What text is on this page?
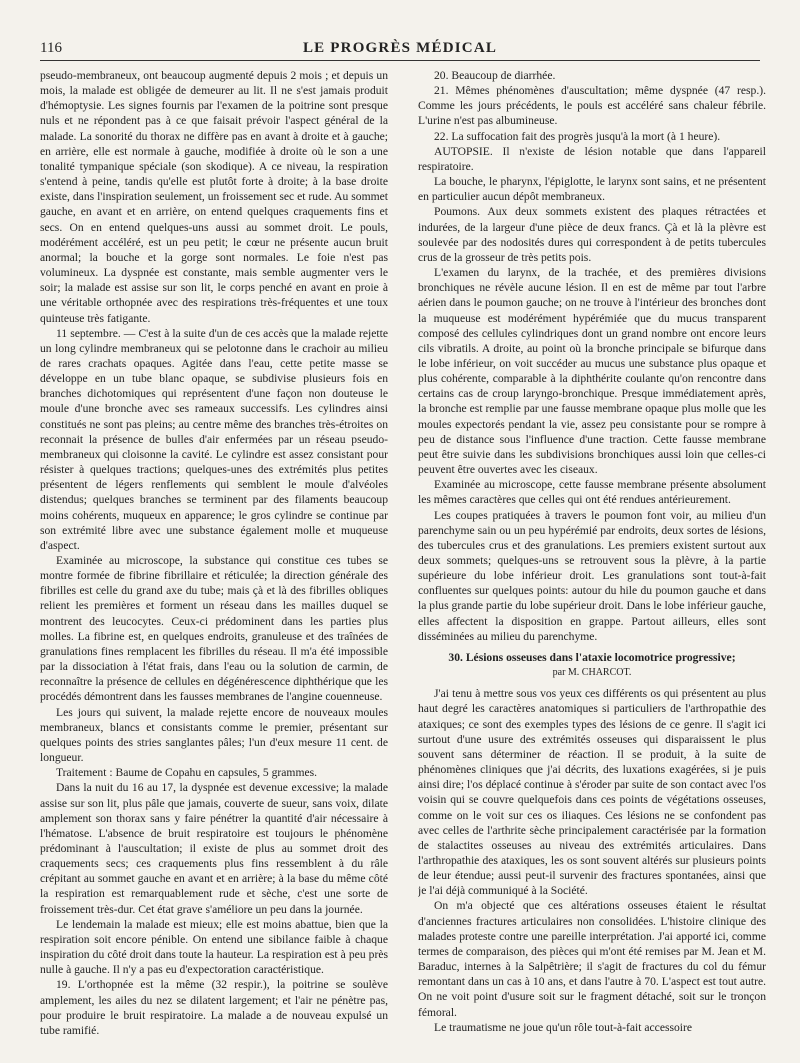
116	LE PROGRÈS MÉDICAL

pseudo-membraneux, ont beaucoup augmenté depuis 2 mois ; et depuis un mois, la malade est obligée de demeurer au lit. Il ne s'est jamais produit d'hémoptysie. Les signes fournis par l'examen de la poitrine sont presque nuls et ne répondent pas à ce que faisait prévoir l'aspect général de la malade. La sonorité du thorax ne diffère pas en avant à droite et à gauche; en arrière, elle est normale à gauche, modifiée à droite où le son a une tonalité tympanique spéciale (son skodique). A ce niveau, la respiration s'entend à peine, tandis qu'elle est plutôt forte à droite; à la base droite existe, dans l'inspiration seulement, un froissement sec et rude. Au sommet gauche, en avant et en arrière, on entend quelques craquements fins et secs. On en entend quelques-uns aussi au sommet droit. Le pouls, modérément accéléré, est un peu petit; le cœur ne présente aucun bruit anormal; la bouche et la gorge sont normales. Le foie n'est pas volumineux. La dyspnée est constante, mais semble augmenter vers le soir; la malade est assise sur son lit, le corps penché en avant en proie à une véritable orthopnée avec des respirations très-fréquentes et une toux quinteuse très fatigante.

11 septembre. — C'est à la suite d'un de ces accès que la malade rejette un long cylindre membraneux qui se pelotonne dans le crachoir au milieu de rares crachats opaques. Agitée dans l'eau, cette petite masse se développe en un tube blanc opaque, se subdivise plusieurs fois en branches dichotomiques qui représentent d'une façon non douteuse le moule d'une bronche avec ses rameaux successifs. Les cylindres ainsi constitués ne sont pas pleins; au centre même des branches très-étroites on reconnait la présence de bulles d'air enfermées par un réseau pseudo-membraneux qui cloisonne la cavité. Le cylindre est assez consistant pour résister à quelques tractions; quelques-unes des extrémités plus petites présentent de légers renflements qui semblent le moule d'alvéoles distendus; quelques branches se terminent par des filaments beaucoup moins cohérents, muqueux en apparence; le gros cylindre se continue par son extrémité libre avec une substance également molle et muqueuse d'aspect.

Examinée au microscope, la substance qui constitue ces tubes se montre formée de fibrine fibrillaire et réticulée; la direction générale des fibrilles est celle du grand axe du tube; mais çà et là des fibrilles obliques relient les premières et forment un réseau dans les mailles duquel se montrent des leucocytes. Ceux-ci prédominent dans les parties plus molles. La fibrine est, en quelques endroits, granuleuse et des traînées de granulations fines remplacent les fibrilles du réseau. Il m'a été impossible par la dissociation à l'état frais, dans l'eau ou la solution de carmin, de reconnaître la présence de cellules en dégénérescence diphthérique que les procédés démontrent dans les fausses membranes de l'angine couenneuse.

Les jours qui suivent, la malade rejette encore de nouveaux moules membraneux, blancs et consistants comme le premier, présentant sur quelques points des stries sanglantes pâles; l'un d'eux mesure 11 cent. de longueur.

Traitement : Baume de Copahu en capsules, 5 grammes.

Dans la nuit du 16 au 17, la dyspnée est devenue excessive; la malade assise sur son lit, plus pâle que jamais, couverte de sueur, sans voix, dilate amplement son thorax sans y faire pénétrer la quantité d'air nécessaire à l'hématose. L'absence de bruit respiratoire est toujours le phénomène prédominant à l'auscultation; il existe de plus au sommet droit des craquements secs; ces craquements plus fins ressemblent à du râle crépitant au sommet gauche en avant et en arrière; à la base du même côté la respiration est remarquablement rude et sèche, c'est une sorte de froissement très-dur. Cet état grave s'améliore un peu dans la journée.

Le lendemain la malade est mieux; elle est moins abattue, bien que la respiration soit encore pénible. On entend une sibilance faible à chaque inspiration du côté droit dans toute la hauteur. La respiration est à peu près nulle à gauche. Il n'y a pas eu d'expectoration caractéristique.

19. L'orthopnée est la même (32 respir.), la poitrine se soulève amplement, les ailes du nez se dilatent largement; et l'air ne pénètre pas, pour produire le bruit respiratoire. La malade a de nouveau expulsé un tube ramifié.

20. Beaucoup de diarrhée.

21. Mêmes phénomènes d'auscultation; même dyspnée (47 resp.). Comme les jours précédents, le pouls est accéléré sans chaleur fébrile. L'urine n'est pas albumineuse.

22. La suffocation fait des progrès jusqu'à la mort (à 1 heure).

AUTOPSIE. Il n'existe de lésion notable que dans l'appareil respiratoire.

La bouche, le pharynx, l'épiglotte, le larynx sont sains, et ne présentent en particulier aucun dépôt membraneux.

Poumons. Aux deux sommets existent des plaques rétractées et indurées, de la largeur d'une pièce de deux francs. Çà et là la plèvre est soulevée par des nodosités dures qui correspondent à de petits tubercules crus de la grosseur de très petits pois.

L'examen du larynx, de la trachée, et des premières divisions bronchiques ne révèle aucune lésion. Il en est de même par tout l'arbre aérien dans le poumon gauche; on ne trouve à l'intérieur des bronches dont la muqueuse est modérément hypérémiée que du mucus transparent composé des cellules cylindriques dont un grand nombre ont encore leurs cils vibratils. A droite, au point où la bronche principale se bifurque dans le lobe inférieur, on voit succéder au mucus une substance plus opaque et plus cohérente, comparable à la diphthérite coulante qu'on rencontre dans certains cas de croup laryngo-bronchique. Presque immédiatement après, la bronche est remplie par une fausse membrane opaque plus molle que les moules expectorés pendant la vie, assez peu consistante pour se rompre à peu de distance sous l'influence d'une traction. Cette fausse membrane peut être suivie dans les subdivisions bronchiques aussi loin que celles-ci peuvent être ouvertes avec les ciseaux.

Examinée au microscope, cette fausse membrane présente absolument les mêmes caractères que celles qui ont été rendues antérieurement.

Les coupes pratiquées à travers le poumon font voir, au milieu d'un parenchyme sain ou un peu hypérémié par endroits, deux sortes de lésions, des tubercules crus et des granulations. Les premiers existent surtout aux deux sommets; quelques-uns se retrouvent sous la plèvre, à la partie supérieure du lobe inférieur droit. Les granulations sont tout-à-fait confluentes sur quelques points: autour du hile du poumon gauche et dans la plus grande partie du lobe supérieur droit. Dans le lobe inférieur gauche, elles affectent la disposition en grappe. Partout ailleurs, elles sont disséminées au milieu du parenchyme.

30. Lésions osseuses dans l'ataxie locomotrice progressive;

par M. CHARCOT.

J'ai tenu à mettre sous vos yeux ces différents os qui présentent au plus haut degré les caractères anatomiques si particuliers de l'arthropathie des ataxiques; ce sont des exemples types des lésions de ce genre. Il s'agit ici surtout d'une usure des extrémités osseuses qui disparaissent le plus souvent sans déterminer de réaction. Il se produit, à la suite de phénomènes cliniques que j'ai décrits, des luxations exagérées, si je puis ainsi dire; l'os déplacé continue à s'éroder par suite de son contact avec l'os voisin qui se couvre quelquefois dans ces points de végétations osseuses, comme on le voit sur ces os iliaques. Ces lésions ne se confondent pas avec celles de l'arthrite sèche principalement caractérisée par la formation de stalactites osseuses au niveau des extrémités articulaires. Dans l'arthropathie des ataxiques, les os sont souvent altérés sur plusieurs points de leur étendue; aussi peut-il survenir des fractures spontanées, ainsi que je l'ai déjà communiqué à la Société.

On m'a objecté que ces altérations osseuses étaient le résultat d'anciennes fractures articulaires non consolidées. L'histoire clinique des malades proteste contre une pareille interprétation. J'ai apporté ici, comme termes de comparaison, des pièces qui m'ont été remises par M. Jean et M. Baraduc, internes à la Salpêtrière; il s'agit de fractures du col du fémur remontant dans un cas à 10 ans, et dans l'autre à 70. L'aspect est tout autre. On ne voit point d'usure soit sur le fragment détaché, soit sur le tronçon fémoral.

Le traumatisme ne joue qu'un rôle tout-à-fait accessoire
